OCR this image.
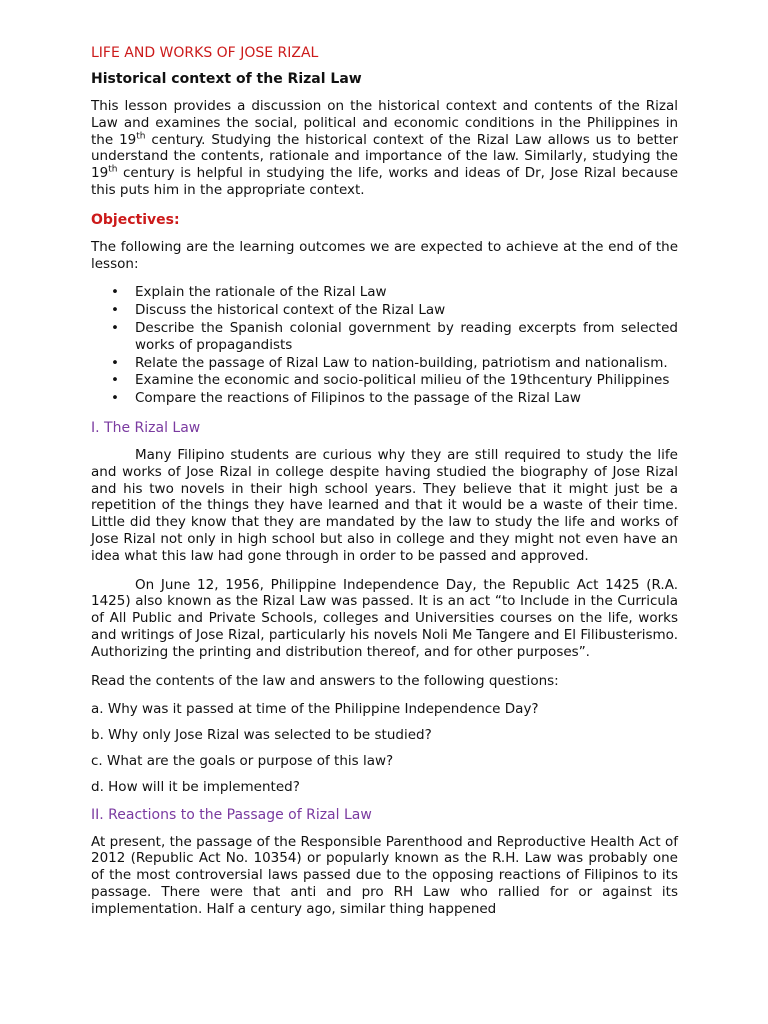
LIFE AND WORKS OF JOSE RIZAL
Historical context of the Rizal Law

This lesson provides a discussion on the historical context and contents of the Rizal Law and examines the social, political and economic conditions in the Philippines in the 19th century. Studying the historical context of the Rizal Law allows us to better understand the contents, rationale and importance of the law. Similarly, studying the 19th century is helpful in studying the life, works and ideas of Dr, Jose Rizal because this puts him in the appropriate context.

Objectives:

The following are the learning outcomes we are expected to achieve at the end of the lesson:

• Explain the rationale of the Rizal Law
• Discuss the historical context of the Rizal Law
• Describe the Spanish colonial government by reading excerpts from selected works of propagandists
• Relate the passage of Rizal Law to nation-building, patriotism and nationalism.
• Examine the economic and socio-political milieu of the 19thcentury Philippines
• Compare the reactions of Filipinos to the passage of the Rizal Law
I. The Rizal Law

Many Filipino students are curious why they are still required to study the life and works of Jose Rizal in college despite having studied the biography of Jose Rizal and his two novels in their high school years. They believe that it might just be a repetition of the things they have learned and that it would be a waste of their time. Little did they know that they are mandated by the law to study the life and works of Jose Rizal not only in high school but also in college and they might not even have an idea what this law had gone through in order to be passed and approved.

On June 12, 1956, Philippine Independence Day, the Republic Act 1425 (R.A. 1425) also known as the Rizal Law was passed. It is an act “to Include in the Curricula of All Public and Private Schools, colleges and Universities courses on the life, works and writings of Jose Rizal, particularly his novels Noli Me Tangere and El Filibusterismo. Authorizing the printing and distribution thereof, and for other purposes”.

Read the contents of the law and answers to the following questions:

a. Why was it passed at time of the Philippine Independence Day?
b. Why only Jose Rizal was selected to be studied?
c. What are the goals or purpose of this law?
d. How will it be implemented?
II. Reactions to the Passage of Rizal Law

At present, the passage of the Responsible Parenthood and Reproductive Health Act of 2012 (Republic Act No. 10354) or popularly known as the R.H. Law was probably one of the most controversial laws passed due to the opposing reactions of Filipinos to its passage. There were that anti and pro RH Law who rallied for or against its implementation. Half a century ago, similar thing happened
